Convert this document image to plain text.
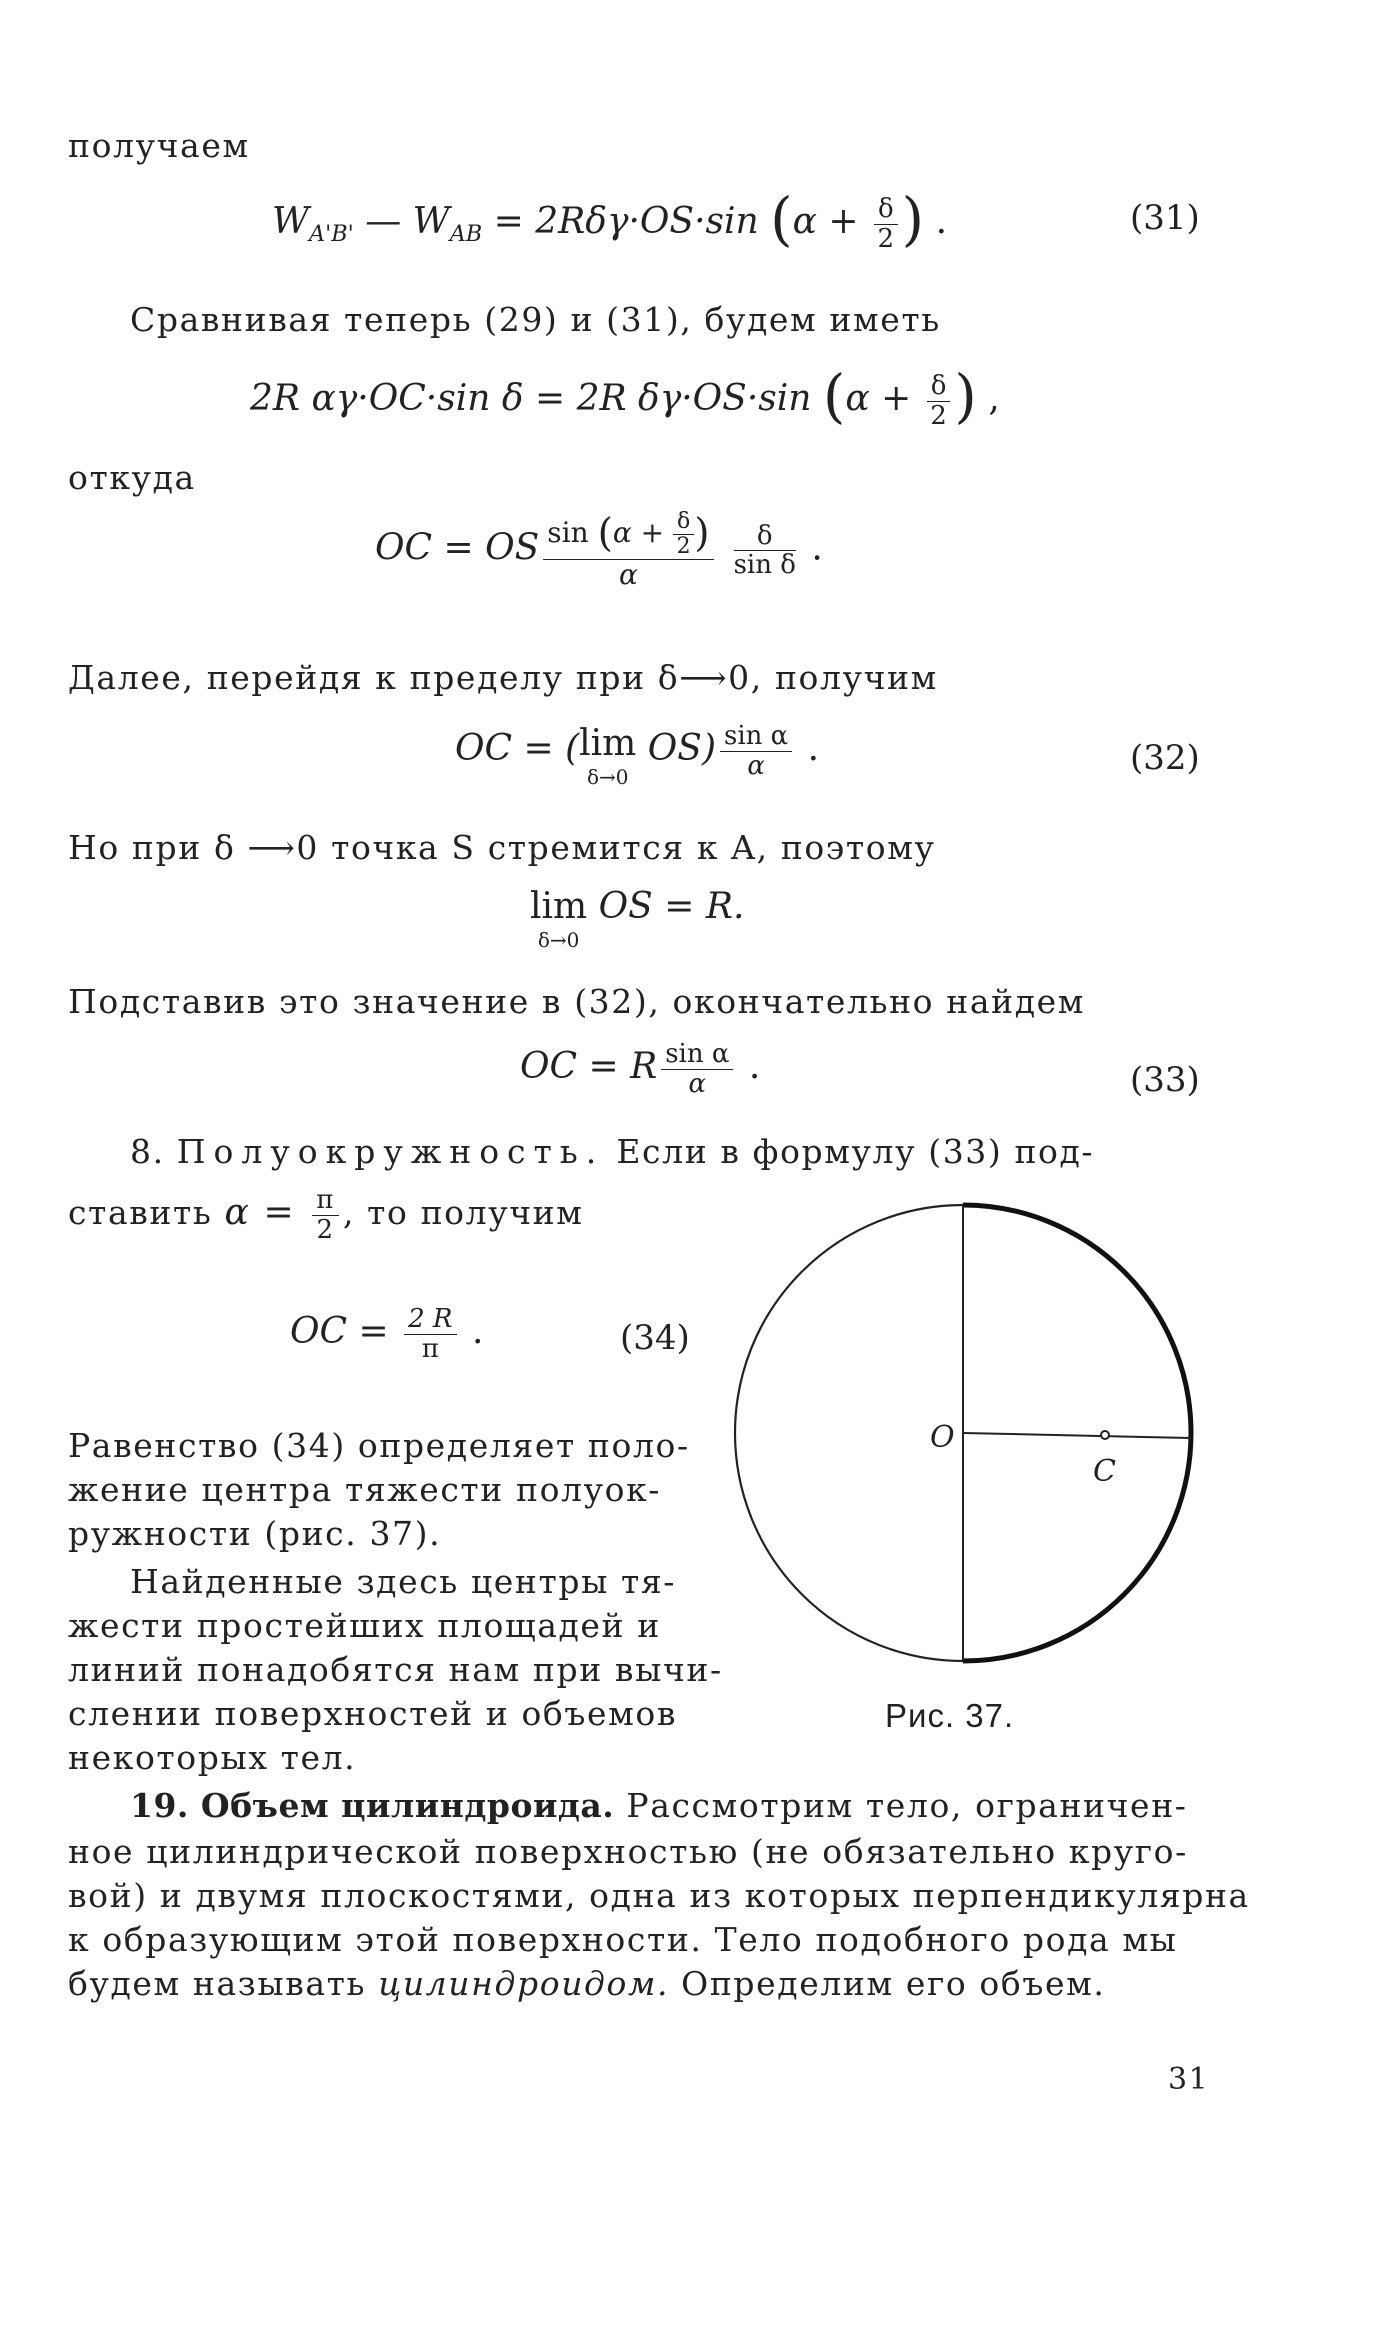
получаем
$W_{A'B'}$ — $W_{AB} = 2R\delta\gamma\cdot OS\cdot\sin$ ($\alpha + \frac{\delta}{2}$ ) .	(31)
Сравнивая теперь (29) и (31), будем иметь
2R αγ·OC·sin δ = 2R δγ·OS·sin ($\alpha + \frac{\delta}{2}$ ) ,
откуда
OC = OS $\frac{\sin (\alpha + \frac{\delta}{2} )}{\alpha} \frac{\delta}{\text{sin δ}}$ .
Далее, перейдя к пределу при δ⟶0, получим
OC = (lim
δ→0
$OS) \frac{\text{sin α}}{\alpha}$ .	(32)
Но при δ ⟶0 точка S стремится к A, поэтому
lim
δ→0
OS = R.
Подставив это значение в (32), окончательно найдем
OC = R $\frac{\text{sin α}}{\alpha}$ .	(33)
8. Полуокружность. Если в формулу (33) под-
ставить $\alpha = \frac{\pi}{2}$ , то получим
OC = $\frac{2 R}{\pi}$ .	(34)
Равенство (34) определяет поло-
жение центра тяжести полуок-
ружности (рис. 37).
Найденные здесь центры тя-
жести простейших площадей и
линий понадобятся нам при вычи-
слении поверхностей и объемов
некоторых тел.
O
C
Рис. 37.
19. Объем цилиндроида. Рассмотрим тело, ограничен-
ное цилиндрической поверхностью (не обязательно круго-
вой) и двумя плоскостями, одна из которых перпендикулярна
к образующим этой поверхности. Тело подобного рода мы
будем называть цилиндроидом. Определим его объем.
31
